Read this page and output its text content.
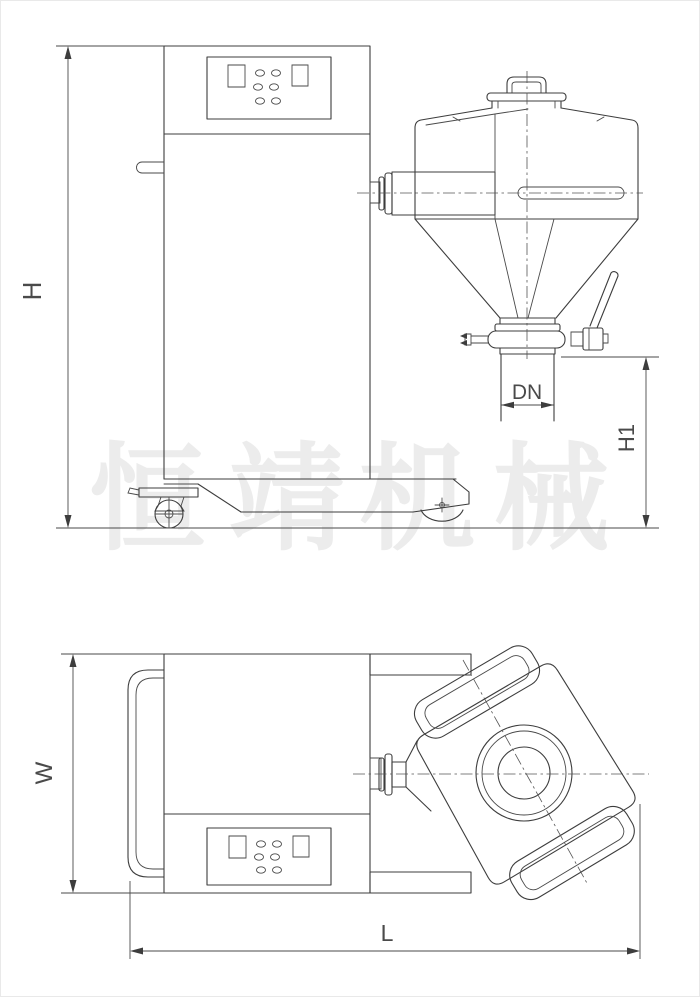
恒 靖 机 械
H
DN
H1
W
L
